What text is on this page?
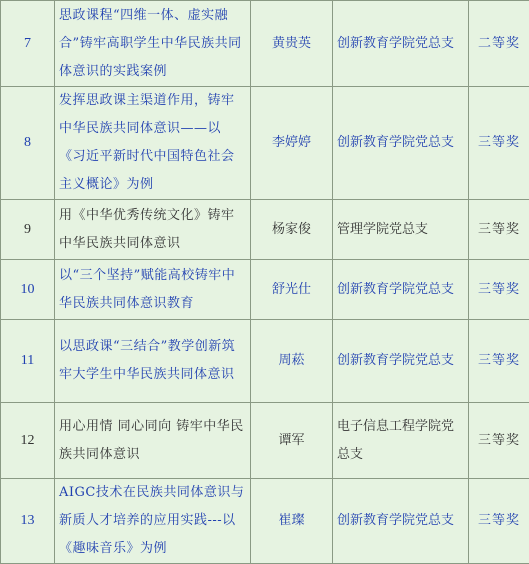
7	思政课程“四维一体、虚实融合”铸牢高职学生中华民族共同体意识的实践案例	黄贵英	创新教育学院党总支	二等奖
8	发挥思政课主渠道作用，铸牢中华民族共同体意识——以《习近平新时代中国特色社会主义概论》为例	李婷婷	创新教育学院党总支	三等奖
9	用《中华优秀传统文化》铸牢中华民族共同体意识	杨家俊	管理学院党总支	三等奖
10	以“三个坚持”赋能高校铸牢中华民族共同体意识教育	舒光仕	创新教育学院党总支	三等奖
11	以思政课“三结合”教学创新筑牢大学生中华民族共同体意识	周菘	创新教育学院党总支	三等奖
12	用心用情 同心同向 铸牢中华民族共同体意识	谭军	电子信息工程学院党总支	三等奖
13	AIGC技术在民族共同体意识与新质人才培养的应用实践---以《趣味音乐》为例	崔璨	创新教育学院党总支	三等奖
